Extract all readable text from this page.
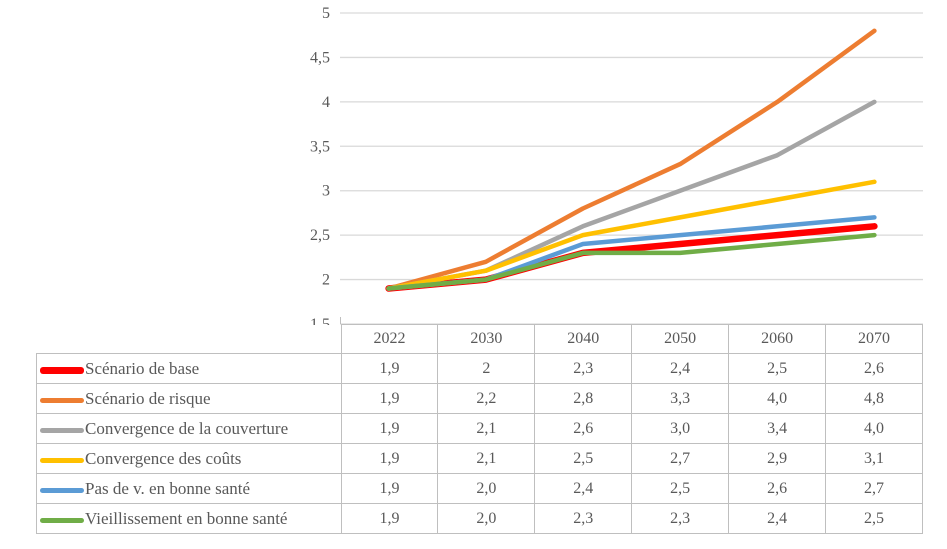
5
4,5
4
3,5
3
2,5
2
	2022	2030	2040	2050	2060	2070
Scénario de base	1,9	2	2,3	2,4	2,5	2,6
Scénario de risque	1,9	2,2	2,8	3,3	4,0	4,8
Convergence de la couverture	1,9	2,1	2,6	3,0	3,4	4,0
Convergence des coûts	1,9	2,1	2,5	2,7	2,9	3,1
Pas de v. en bonne santé	1,9	2,0	2,4	2,5	2,6	2,7
Vieillissement en bonne santé	1,9	2,0	2,3	2,3	2,4	2,5
